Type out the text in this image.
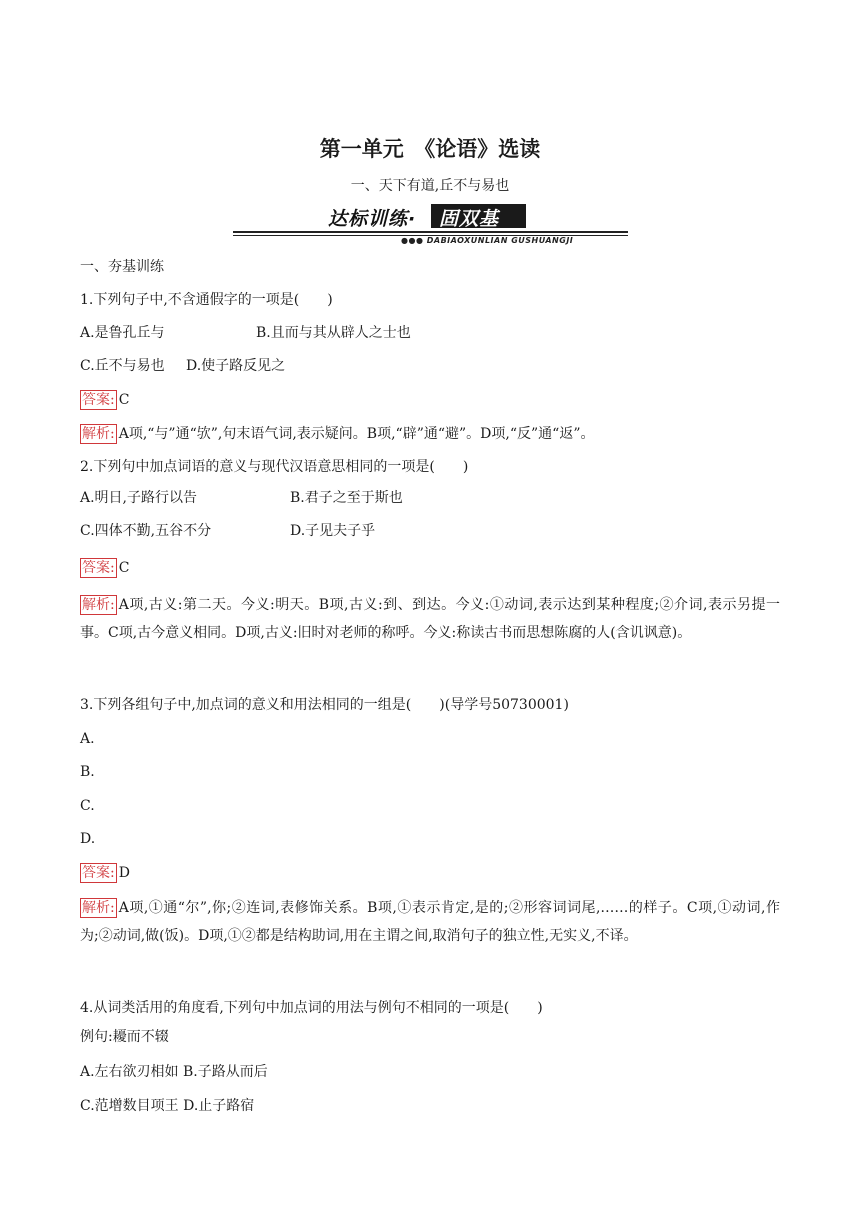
第一单元　《论语》选读
一、天下有道,丘不与易也
达标训练· 固双基
●●● DABIAOXUNLIAN GUSHUANGJI
一、夯基训练
1.下列句子中,不含通假字的一项是(　　)
A.是鲁孔丘与	B.且而与其从辟人之士也
C.丘不与易也 D.使子路反见之
答案: C
解析: A项,“与”通“欤”,句末语气词,表示疑问。B项,“辟”通“避”。D项,“反”通“返”。
2.下列句中加点词语的意义与现代汉语意思相同的一项是(　　)
A.明日,子路行以告	B.君子之至于斯也
C.四体不勤,五谷不分	D.子见夫子乎
答案: C
解析: A项,古义:第二天。今义:明天。B项,古义:到、到达。今义:①动词,表示达到某种程度;②介词,表示另提一事。C项,古今意义相同。D项,古义:旧时对老师的称呼。今义:称读古书而思想陈腐的人(含讥讽意)。
3.下列各组句子中,加点词的意义和用法相同的一组是(　　)(导学号50730001)
A.
B.
C.
D.
答案: D
解析: A项,①通“尔”,你;②连词,表修饰关系。B项,①表示肯定,是的;②形容词词尾,……的样子。C项,①动词,作为;②动词,做(饭)。D项,①②都是结构助词,用在主谓之间,取消句子的独立性,无实义,不译。
4.从词类活用的角度看,下列句中加点词的用法与例句不相同的一项是(　　)
例句:耰而不辍
A.左右欲刃相如 B.子路从而后
C.范增数目项王 D.止子路宿
